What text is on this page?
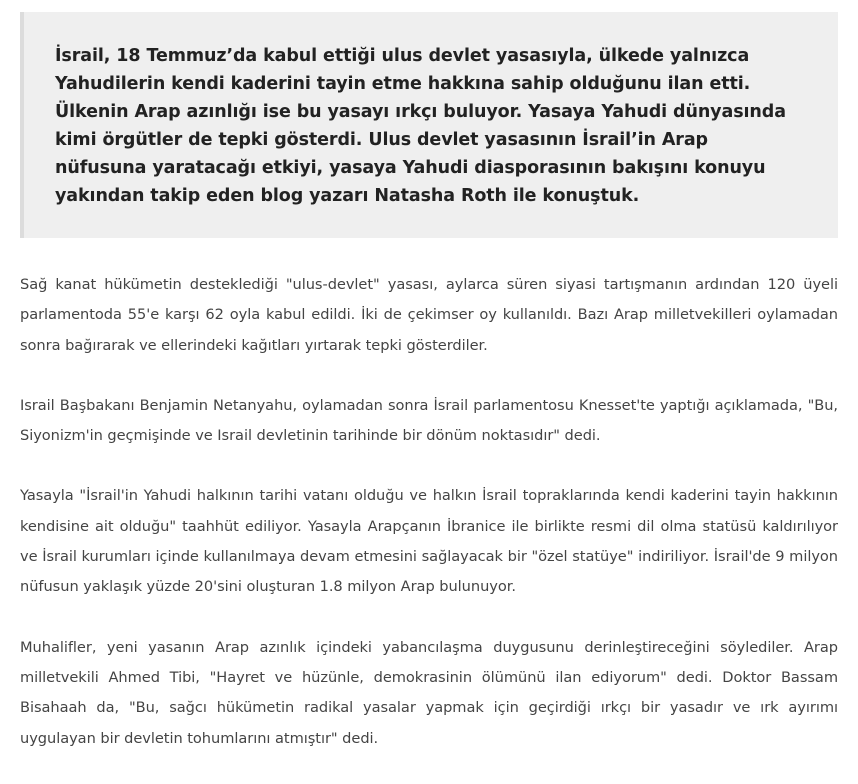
İsrail, 18 Temmuz’da kabul ettiği ulus devlet yasasıyla, ülkede yalnızca Yahudilerin kendi kaderini tayin etme hakkına sahip olduğunu ilan etti. Ülkenin Arap azınlığı ise bu yasayı ırkçı buluyor. Yasaya Yahudi dünyasında kimi örgütler de tepki gösterdi. Ulus devlet yasasının İsrail’in Arap nüfusuna yaratacağı etkiyi, yasaya Yahudi diasporasının bakışını konuyu yakından takip eden blog yazarı Natasha Roth ile konuştuk.

Sağ kanat hükümetin desteklediği "ulus-devlet" yasası, aylarca süren siyasi tartışmanın ardından 120 üyeli parlamentoda 55'e karşı 62 oyla kabul edildi. İki de çekimser oy kullanıldı. Bazı Arap milletvekilleri oylamadan sonra bağırarak ve ellerindeki kağıtları yırtarak tepki gösterdiler.

Israil Başbakanı Benjamin Netanyahu, oylamadan sonra İsrail parlamentosu Knesset'te yaptığı açıklamada, "Bu, Siyonizm'in geçmişinde ve Israil devletinin tarihinde bir dönüm noktasıdır" dedi.

Yasayla "İsrail'in Yahudi halkının tarihi vatanı olduğu ve halkın İsrail topraklarında kendi kaderini tayin hakkının kendisine ait olduğu" taahhüt ediliyor. Yasayla Arapçanın İbranice ile birlikte resmi dil olma statüsü kaldırılıyor ve İsrail kurumları içinde kullanılmaya devam etmesini sağlayacak bir "özel statüye" indiriliyor. İsrail'de 9 milyon nüfusun yaklaşık yüzde 20'sini oluşturan 1.8 milyon Arap bulunuyor.

Muhalifler, yeni yasanın Arap azınlık içindeki yabancılaşma duygusunu derinleştireceğini söylediler. Arap milletvekili Ahmed Tibi, "Hayret ve hüzünle, demokrasinin ölümünü ilan ediyorum" dedi. Doktor Bassam Bisahaah da, "Bu, sağcı hükümetin radikal yasalar yapmak için geçirdiği ırkçı bir yasadır ve ırk ayırımı uygulayan bir devletin tohumlarını atmıştır" dedi.
